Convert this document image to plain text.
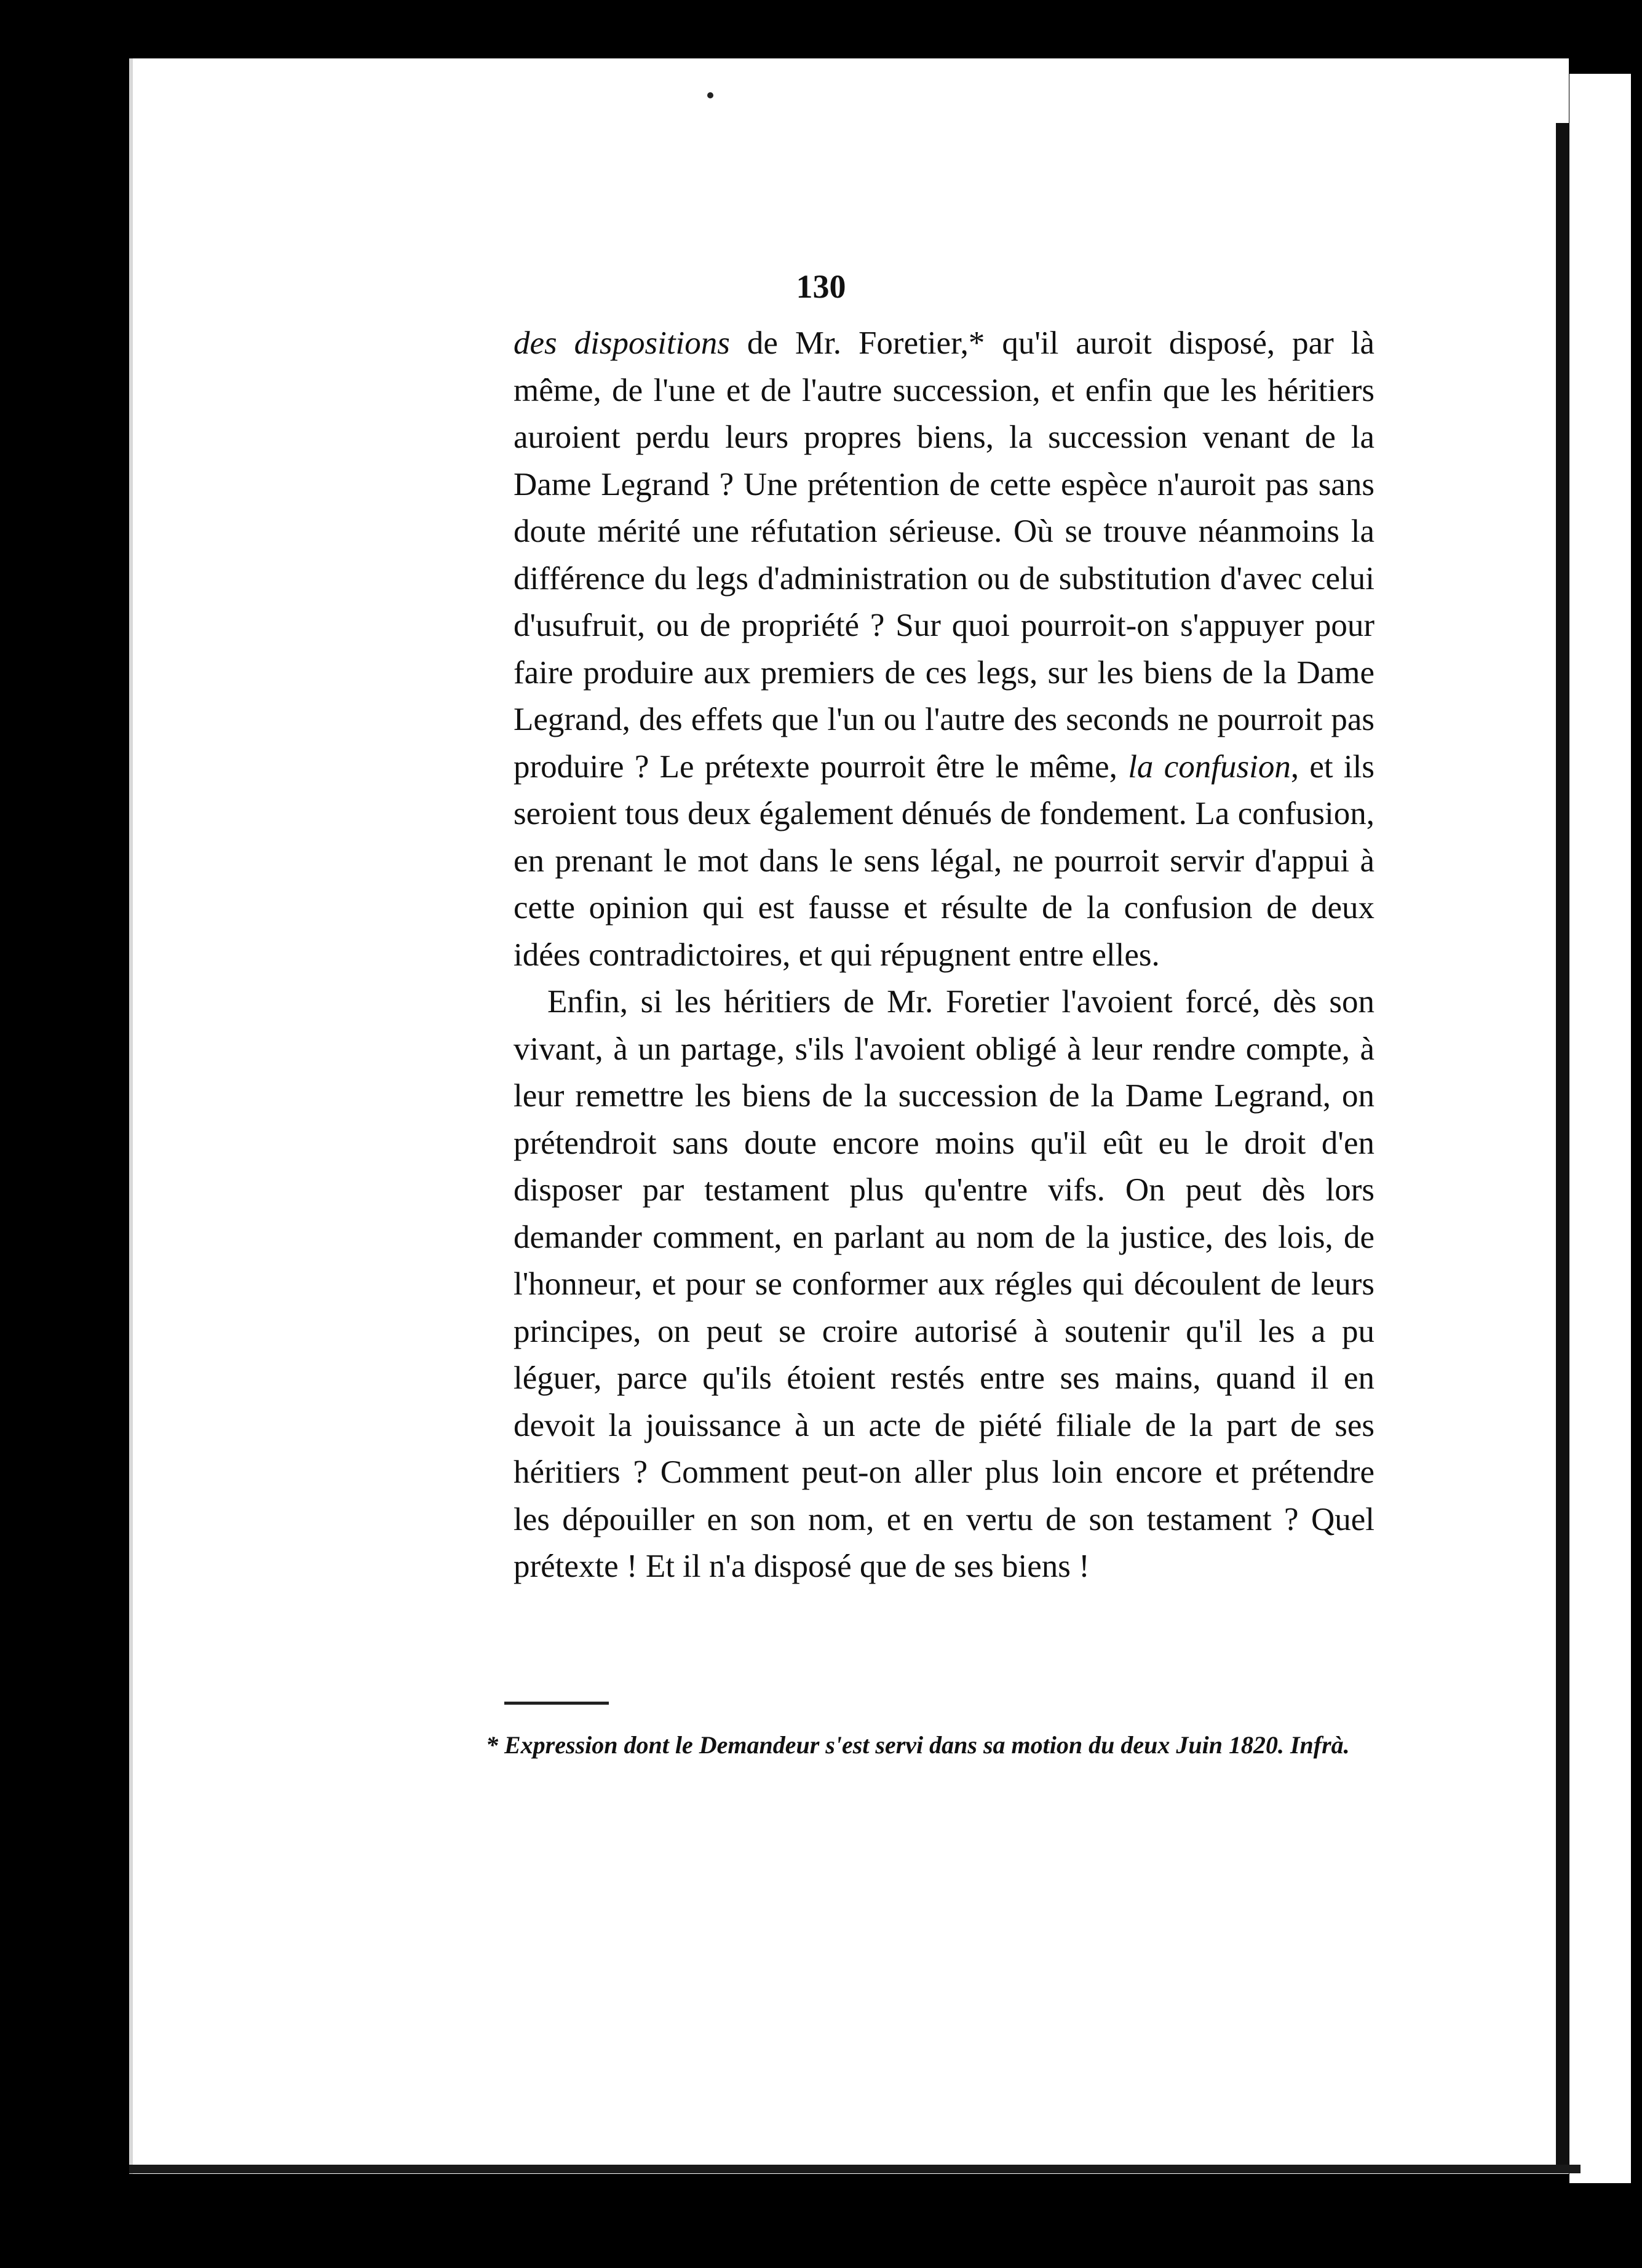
130

des dispositions de Mr. Foretier,* qu'il auroit disposé, par là même, de l'une et de l'autre succession, et enfin que les héritiers auroient perdu leurs propres biens, la succession venant de la Dame Legrand ? Une prétention de cette espèce n'auroit pas sans doute mérité une réfutation sérieuse. Où se trouve néanmoins la différence du legs d'administration ou de substitution d'avec celui d'usufruit, ou de propriété ? Sur quoi pourroit-on s'appuyer pour faire produire aux premiers de ces legs, sur les biens de la Dame Legrand, des effets que l'un ou l'autre des seconds ne pourroit pas produire ? Le prétexte pourroit être le même, la confusion, et ils seroient tous deux également dénués de fondement. La confusion, en prenant le mot dans le sens légal, ne pourroit servir d'appui à cette opinion qui est fausse et résulte de la confusion de deux idées contradictoires, et qui répugnent entre elles.

Enfin, si les héritiers de Mr. Foretier l'avoient forcé, dès son vivant, à un partage, s'ils l'avoient obligé à leur rendre compte, à leur remettre les biens de la succession de la Dame Legrand, on prétendroit sans doute encore moins qu'il eût eu le droit d'en disposer par testament plus qu'entre vifs. On peut dès lors demander comment, en parlant au nom de la justice, des lois, de l'honneur, et pour se conformer aux régles qui découlent de leurs principes, on peut se croire autorisé à soutenir qu'il les a pu léguer, parce qu'ils étoient restés entre ses mains, quand il en devoit la jouissance à un acte de piété filiale de la part de ses héritiers ? Comment peut-on aller plus loin encore et prétendre les dépouiller en son nom, et en vertu de son testament ? Quel prétexte ! Et il n'a disposé que de ses biens !

* Expression dont le Demandeur s'est servi dans sa motion du deux Juin 1820. Infrà.
